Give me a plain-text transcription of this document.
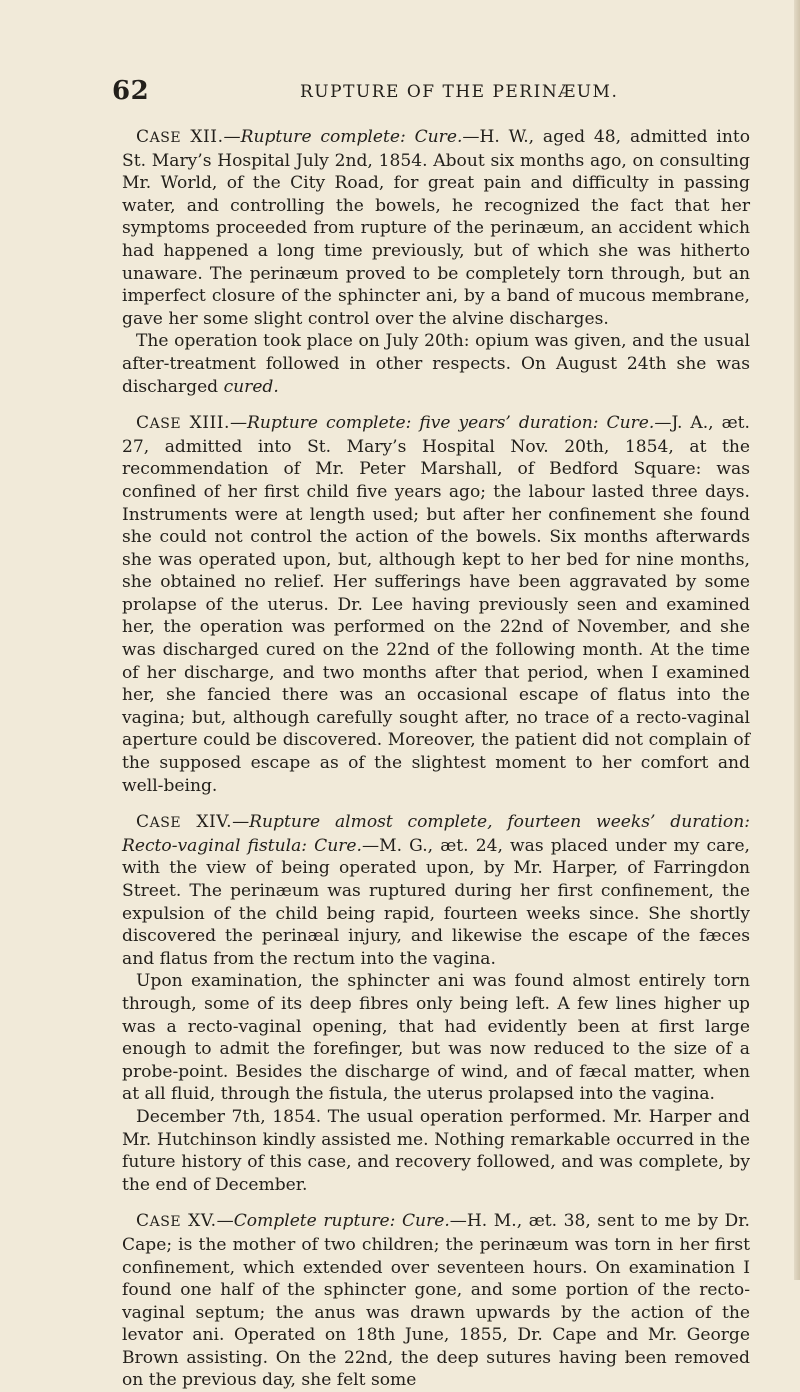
62	RUPTURE OF THE PERINÆUM.

CASE XII.—Rupture complete: Cure.—H. W., aged 48, admitted into St. Mary’s Hospital July 2nd, 1854. About six months ago, on consulting Mr. World, of the City Road, for great pain and difficulty in passing water, and controlling the bowels, he recognized the fact that her symptoms proceeded from rupture of the perinæum, an accident which had happened a long time previously, but of which she was hitherto unaware. The perinæum proved to be completely torn through, but an imperfect closure of the sphincter ani, by a band of mucous membrane, gave her some slight control over the alvine discharges.

The operation took place on July 20th: opium was given, and the usual after-treatment followed in other respects. On August 24th she was discharged cured.

CASE XIII.—Rupture complete: five years’ duration: Cure.—J. A., æt. 27, admitted into St. Mary’s Hospital Nov. 20th, 1854, at the recommendation of Mr. Peter Marshall, of Bedford Square: was confined of her first child five years ago; the labour lasted three days. Instruments were at length used; but after her confinement she found she could not control the action of the bowels. Six months afterwards she was operated upon, but, although kept to her bed for nine months, she obtained no relief. Her sufferings have been aggravated by some prolapse of the uterus. Dr. Lee having previously seen and examined her, the operation was performed on the 22nd of November, and she was discharged cured on the 22nd of the following month. At the time of her discharge, and two months after that period, when I examined her, she fancied there was an occasional escape of flatus into the vagina; but, although carefully sought after, no trace of a recto-vaginal aperture could be discovered. Moreover, the patient did not complain of the supposed escape as of the slightest moment to her comfort and well-being.

CASE XIV.—Rupture almost complete, fourteen weeks’ duration: Recto-vaginal fistula: Cure.—M. G., æt. 24, was placed under my care, with the view of being operated upon, by Mr. Harper, of Farringdon Street. The perinæum was ruptured during her first confinement, the expulsion of the child being rapid, fourteen weeks since. She shortly discovered the perinæal injury, and likewise the escape of the fæces and flatus from the rectum into the vagina.

Upon examination, the sphincter ani was found almost entirely torn through, some of its deep fibres only being left. A few lines higher up was a recto-vaginal opening, that had evidently been at first large enough to admit the forefinger, but was now reduced to the size of a probe-point. Besides the discharge of wind, and of fæcal matter, when at all fluid, through the fistula, the uterus prolapsed into the vagina.

December 7th, 1854. The usual operation performed. Mr. Harper and Mr. Hutchinson kindly assisted me. Nothing remarkable occurred in the future history of this case, and recovery followed, and was complete, by the end of December.

CASE XV.—Complete rupture: Cure.—H. M., æt. 38, sent to me by Dr. Cape; is the mother of two children; the perinæum was torn in her first confinement, which extended over seventeen hours. On examination I found one half of the sphincter gone, and some portion of the recto-vaginal septum; the anus was drawn upwards by the action of the levator ani. Operated on 18th June, 1855, Dr. Cape and Mr. George Brown assisting. On the 22nd, the deep sutures having been removed on the previous day, she felt some
